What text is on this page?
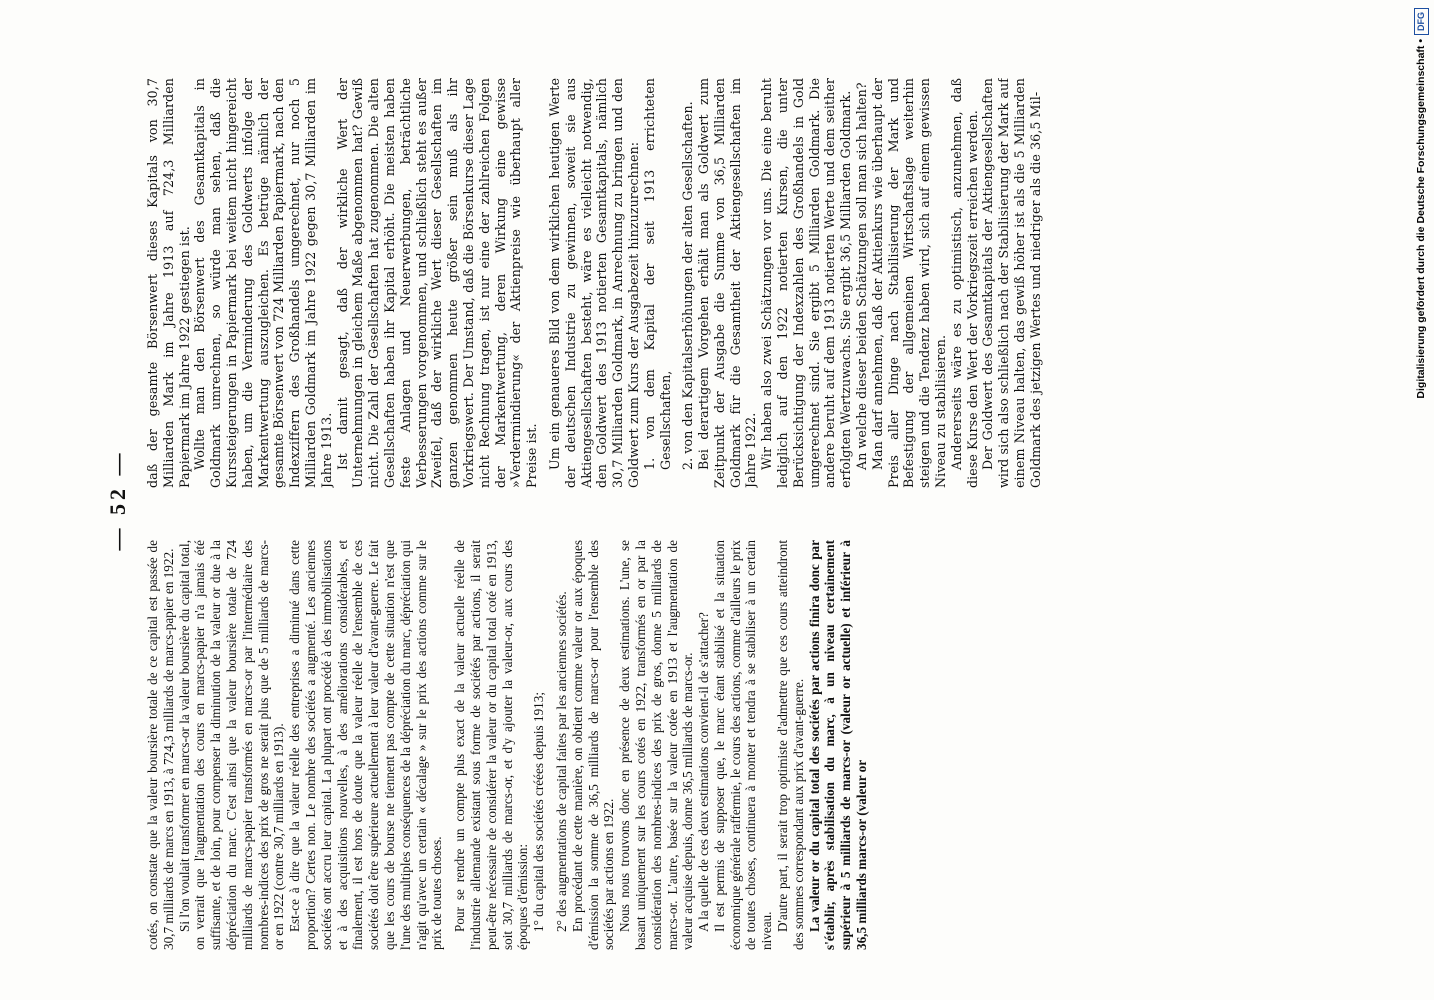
— 52 —

cotés, on constate que la valeur boursière totale de ce capital est passée de 30,7 milliards de marcs en 1913, à 724,3 milliards de marcs-papier en 1922. Si l'on voulait transformer en marcs-or la valeur boursière du capital total, on verrait que l'augmentation des cours en marcs-papier n'a jamais été suffisante, et de loin, pour compenser la diminution de la valeur or due à la dépréciation du marc. C'est ainsi que la valeur boursière totale de 724 milliards de marcs-papier transformés en marcs-or par l'intermédiaire des nombres-indices des prix de gros ne serait plus que de 5 milliards de marcs-or en 1922 (contre 30,7 milliards en 1913). Est-ce à dire que la valeur réelle des entreprises a diminué dans cette proportion? Certes non. Le nombre des sociétés a augmenté. Les anciennes sociétés ont accru leur capital. La plupart ont procédé à des immobilisations et à des acquisitions nouvelles, à des améliorations considérables, et finalement, il est hors de doute que la valeur réelle de l'ensemble de ces sociétés doit être supérieure actuellement à leur valeur d'avant-guerre. Le fait que les cours de bourse ne tiennent pas compte de cette situation n'est que l'une des multiples conséquences de la dépréciation du marc, dépréciation qui n'agit qu'avec un certain « décalage » sur le prix des actions comme sur le prix de toutes choses. Pour se rendre un compte plus exact de la valeur actuelle réelle de l'industrie allemande existant sous forme de sociétés par actions, il serait peut-être nécessaire de considérer la valeur or du capital total coté en 1913, soit 30,7 milliards de marcs-or, et d'y ajouter la valeur-or, aux cours des époques d'émission: 1° du capital des sociétés créées depuis 1913; 2° des augmentations de capital faites par les anciennes sociétés. En procédant de cette manière, on obtient comme valeur or aux époques d'émission la somme de 36,5 milliards de marcs-or pour l'ensemble des sociétés par actions en 1922. Nous nous trouvons donc en présence de deux estimations. L'une, se basant uniquement sur les cours cotés en 1922, transformés en or par la considération des nombres-indices des prix de gros, donne 5 milliards de marcs-or. L'autre, basée sur la valeur cotée en 1913 et l'augmentation de valeur acquise depuis, donne 36,5 milliards de marcs-or. A la quelle de ces deux estimations convient-il de s'attacher? Il est permis de supposer que, le marc étant stabilisé et la situation économique générale raffermie, le cours des actions, comme d'ailleurs le prix de toutes choses, continuera à monter et tendra à se stabiliser à un certain niveau. D'autre part, il serait trop optimiste d'admettre que ces cours atteindront des sommes correspondant aux prix d'avant-guerre. La valeur or du capital total des sociétés par actions finira donc par s'établir, après stabilisation du marc, à un niveau certainement supérieur à 5 milliards de marcs-or (valeur or actuelle) et inférieur à 36,5 milliards marcs-or (valeur or

daß der gesamte Börsenwert dieses Kapitals von 30,7 Milliarden Mark im Jahre 1913 auf 724,3 Milliarden Papiermark im Jahre 1922 gestiegen ist. Wollte man den Börsenwert des Gesamtkapitals in Goldmark umrechnen, so würde man sehen, daß die Kurssteigerungen in Papiermark bei weitem nicht hingereicht haben, um die Verminderung des Goldwerts infolge der Markentwertung auszugleichen. Es betrüge nämlich der gesamte Börsenwert von 724 Milliarden Papiermark, nach den Indexziffern des Großhandels umgerechnet, nur noch 5 Milliarden Goldmark im Jahre 1922 gegen 30,7 Milliarden im Jahre 1913. Ist damit gesagt, daß der wirkliche Wert der Unternehmungen in gleichem Maße abgenommen hat? Gewiß nicht. Die Zahl der Gesellschaften hat zugenommen. Die alten Gesellschaften haben ihr Kapital erhöht. Die meisten haben feste Anlagen und Neuerwerbungen, beträchtliche Verbesserungen vorgenommen, und schließlich steht es außer Zweifel, daß der wirkliche Wert dieser Gesellschaften im ganzen genommen heute größer sein muß als ihr Vorkriegswert. Der Umstand, daß die Börsenkurse dieser Lage nicht Rechnung tragen, ist nur eine der zahlreichen Folgen der Markentwertung, deren Wirkung eine gewisse »Verdermindierung« der Aktienpreise wie überhaupt aller Preise ist. Um ein genaueres Bild von dem wirklichen heutigen Werte der deutschen Industrie zu gewinnen, soweit sie aus Aktiengesellschaften besteht, wäre es vielleicht notwendig, den Goldwert des 1913 notierten Gesamtkapitals, nämlich 30,7 Milliarden Goldmark, in Anrechnung zu bringen und den Goldwert zum Kurs der Ausgabezeit hinzuzurechnen: 1. von dem Kapital der seit 1913 errichteten Gesellschaften, 2. von den Kapitalserhöhungen der alten Gesellschaften. Bei derartigem Vorgehen erhält man als Goldwert zum Zeitpunkt der Ausgabe die Summe von 36,5 Milliarden Goldmark für die Gesamtheit der Aktiengesellschaften im Jahre 1922. Wir haben also zwei Schätzungen vor uns. Die eine beruht lediglich auf den 1922 notierten Kursen, die unter Berücksichtigung der Indexzahlen des Großhandels in Gold umgerechnet sind. Sie ergibt 5 Milliarden Goldmark. Die andere beruht auf dem 1913 notierten Werte und dem seither erfolgten Wertzuwachs. Sie ergibt 36,5 Milliarden Goldmark. An welche dieser beiden Schätzungen soll man sich halten? Man darf annehmen, daß der Aktienkurs wie überhaupt der Preis aller Dinge nach Stabilisierung der Mark und Befestigung der allgemeinen Wirtschaftslage weiterhin steigen und die Tendenz haben wird, sich auf einem gewissen Niveau zu stabilisieren. Andererseits wäre es zu optimistisch, anzunehmen, daß diese Kurse den Wert der Vorkriegszeit erreichen werden. Der Goldwert des Gesamtkapitals der Aktiengesellschaften wird sich also schließlich nach der Stabilisierung der Mark auf einem Niveau halten, das gewiß höher ist als die 5 Milliarden Goldmark des jetzigen Wertes und niedriger als die 36,5 Mil-	Digitalisierung gefördert durch die Deutsche Forschungsgemeinschaft •DFG
